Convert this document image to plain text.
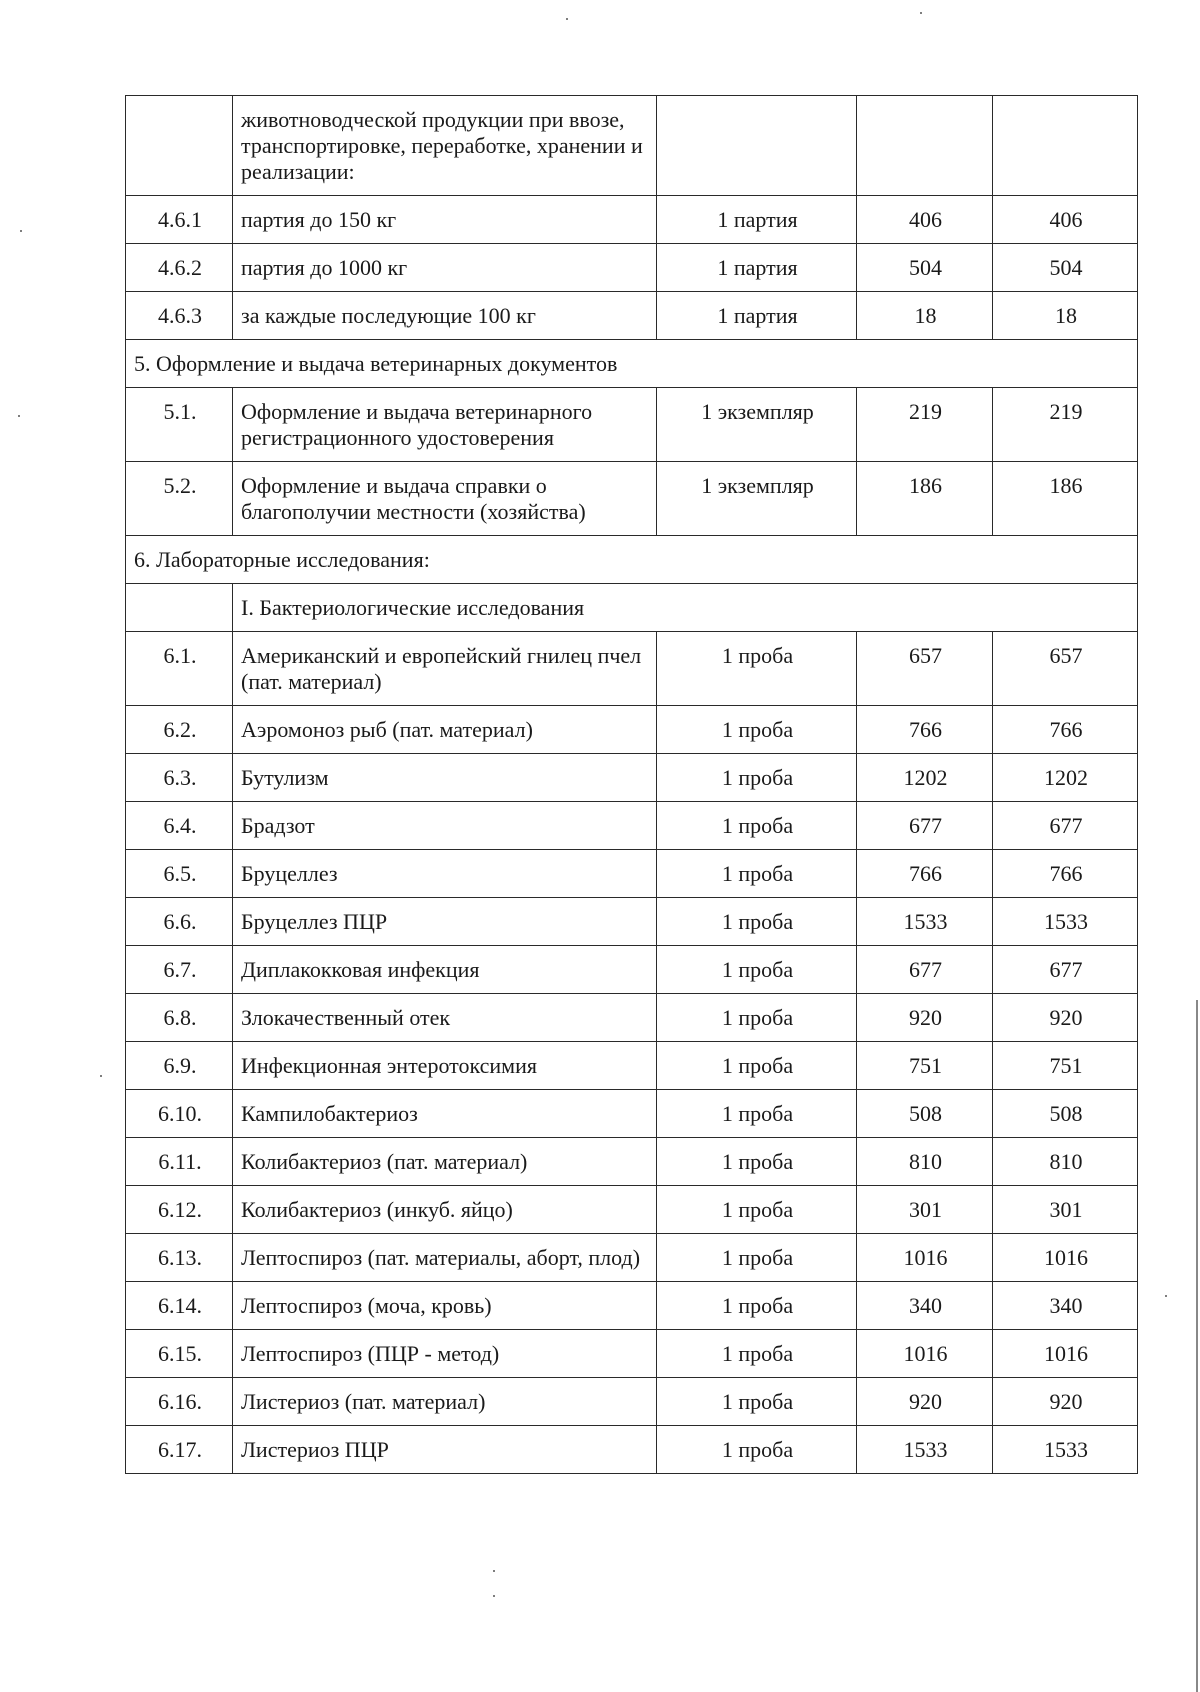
	животноводческой продукции при ввозе, транспортировке, переработке, хранении и реализации:			
4.6.1	партия до 150 кг	1 партия	406	406
4.6.2	партия до 1000 кг	1 партия	504	504
4.6.3	за каждые последующие 100 кг	1 партия	18	18
5. Оформление и выдача ветеринарных документов				
5.1.	Оформление и выдача ветеринарного регистрационного удостоверения	1 экземпляр	219	219
5.2.	Оформление и выдача справки о благополучии местности (хозяйства)	1 экземпляр	186	186
6. Лабораторные исследования:				
	I. Бактериологические исследования			
6.1.	Американский и европейский гнилец пчел (пат. материал)	1 проба	657	657
6.2.	Аэромоноз рыб (пат. материал)	1 проба	766	766
6.3.	Бутулизм	1 проба	1202	1202
6.4.	Брадзот	1 проба	677	677
6.5.	Бруцеллез	1 проба	766	766
6.6.	Бруцеллез ПЦР	1 проба	1533	1533
6.7.	Диплакокковая инфекция	1 проба	677	677
6.8.	Злокачественный отек	1 проба	920	920
6.9.	Инфекционная энтеротоксимия	1 проба	751	751
6.10.	Кампилобактериоз	1 проба	508	508
6.11.	Колибактериоз (пат. материал)	1 проба	810	810
6.12.	Колибактериоз (инкуб. яйцо)	1 проба	301	301
6.13.	Лептоспироз (пат. материалы, аборт, плод)	1 проба	1016	1016
6.14.	Лептоспироз (моча, кровь)	1 проба	340	340
6.15.	Лептоспироз (ПЦР - метод)	1 проба	1016	1016
6.16.	Листериоз (пат. материал)	1 проба	920	920
6.17.	Листериоз ПЦР	1 проба	1533	1533
